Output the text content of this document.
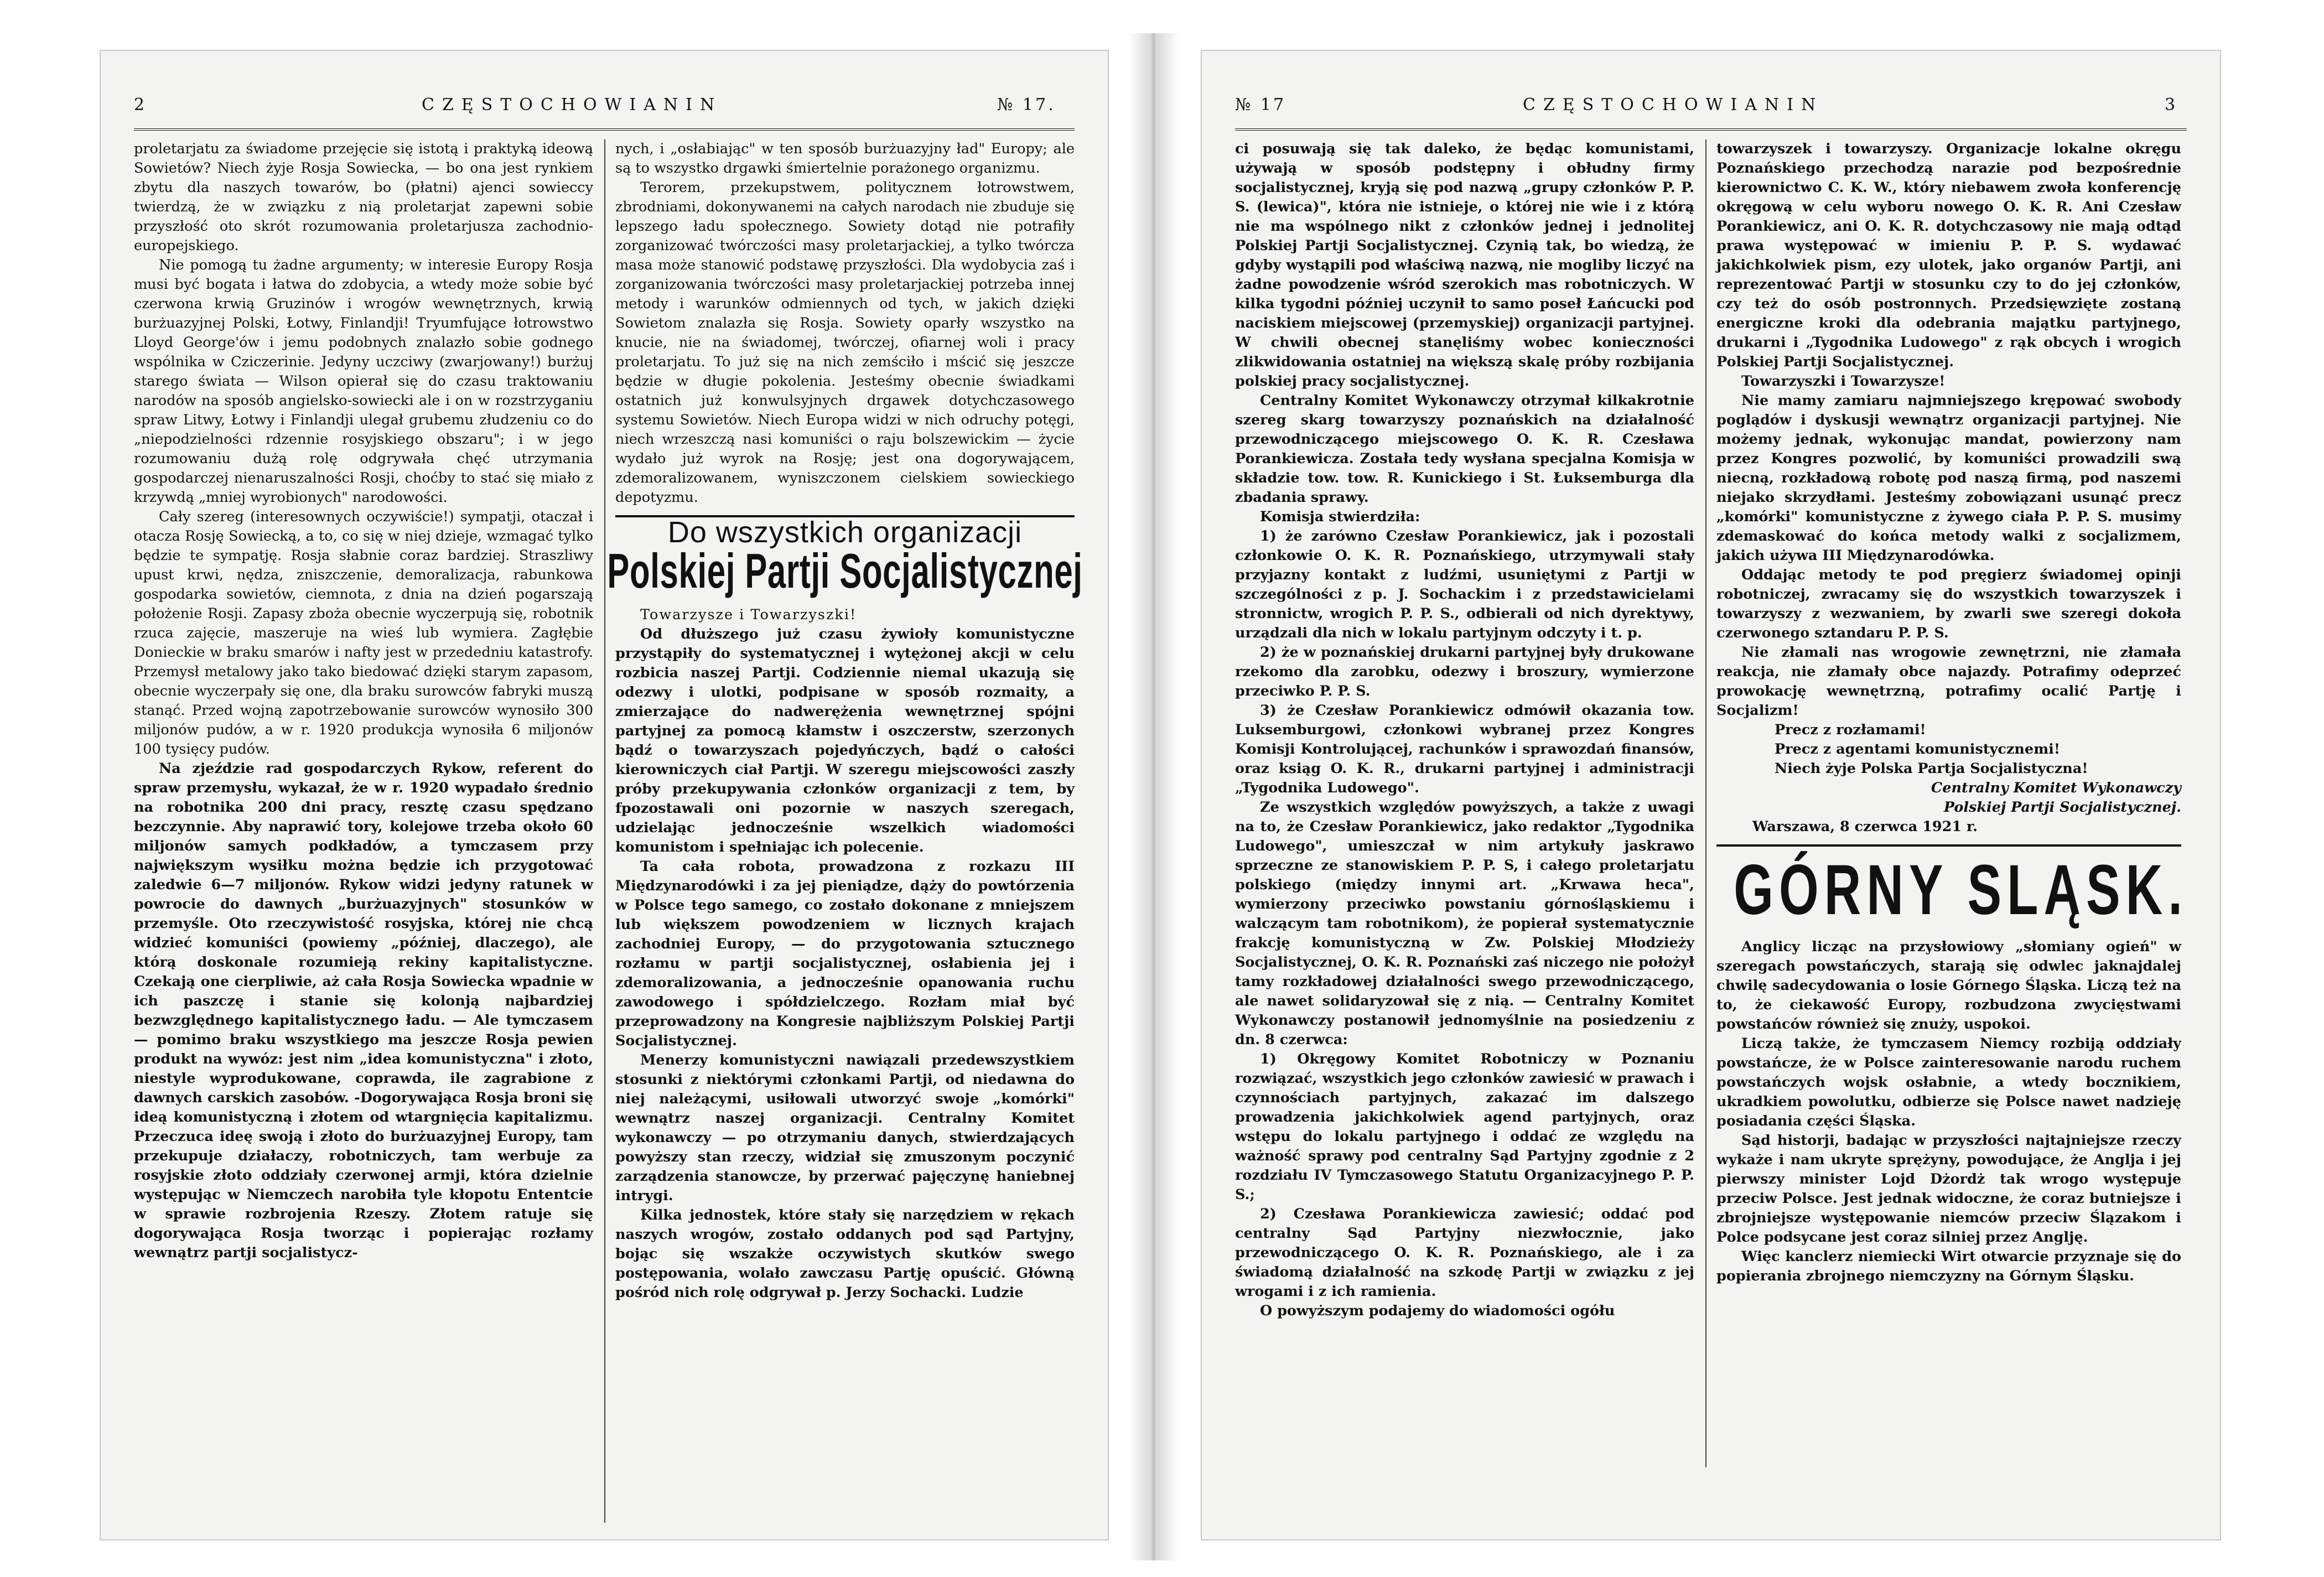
2	CZĘSTOCHOWIANIN	№ 17.

proletarjatu za świadome przejęcie się istotą i praktyką ideową Sowietów? Niech żyje Rosja Sowiecka, — bo ona jest rynkiem zbytu dla naszych towarów, bo (płatni) ajenci sowieccy twierdzą, że w związku z nią proletarjat zapewni sobie przyszłość oto skrót rozumowania proletarjusza zachodnio-europejskiego.

Nie pomogą tu żadne argumenty; w interesie Europy Rosja musi być bogata i łatwa do zdobycia, a wtedy może sobie być czerwona krwią Gruzinów i wrogów wewnętrznych, krwią burżuazyjnej Polski, Łotwy, Finlandji! Tryumfujące łotrowstwo Lloyd George'ów i jemu podobnych znalazło sobie godnego wspólnika w Cziczerinie. Jedyny uczciwy (zwarjowany!) burżuj starego świata — Wilson opierał się do czasu traktowaniu narodów na sposób angielsko-sowiecki ale i on w rozstrzyganiu spraw Litwy, Łotwy i Finlandji ulegał grubemu złudzeniu co do „niepodzielności rdzennie rosyjskiego obszaru"; i w jego rozumowaniu dużą rolę odgrywała chęć utrzymania gospodarczej nienaruszalności Rosji, choćby to stać się miało z krzywdą „mniej wyrobionych" narodowości.

Cały szereg (interesownych oczywiście!) sympatji, otaczał i otacza Rosję Sowiecką, a to, co się w niej dzieje, wzmagać tylko będzie te sympatję. Rosja słabnie coraz bardziej. Straszliwy upust krwi, nędza, zniszczenie, demoralizacja, rabunkowa gospodarka sowietów, ciemnota, z dnia na dzień pogarszają położenie Rosji. Zapasy zboża obecnie wyczerpują się, robotnik rzuca zajęcie, maszeruje na wieś lub wymiera. Zagłębie Donieckie w braku smarów i nafty jest w przededniu katastrofy. Przemysł metalowy jako tako biedować dzięki starym zapasom, obecnie wyczerpały się one, dla braku surowców fabryki muszą stanąć. Przed wojną zapotrzebowanie surowców wynosiło 300 miljonów pudów, a w r. 1920 produkcja wynosiła 6 miljonów 100 tysięcy pudów.

Na zjeździe rad gospodarczych Rykow, referent do spraw przemysłu, wykazał, że w r. 1920 wypadało średnio na robotnika 200 dni pracy, resztę czasu spędzano bezczynnie. Aby naprawić tory, kolejowe trzeba około 60 miljonów samych podkładów, a tymczasem przy największym wysiłku można będzie ich przygotować zaledwie 6—7 miljonów. Rykow widzi jedyny ratunek w powrocie do dawnych „burżuazyjnych" stosunków w przemyśle. Oto rzeczywistość rosyjska, której nie chcą widzieć komuniści (powiemy „później, dlaczego), ale którą doskonale rozumieją rekiny kapitalistyczne. Czekają one cierpliwie, aż cała Rosja Sowiecka wpadnie w ich paszczę i stanie się kolonją najbardziej bezwzględnego kapitalistycznego ładu. — Ale tymczasem — pomimo braku wszystkiego ma jeszcze Rosja pewien produkt na wywóz: jest nim „idea komunistyczna" i złoto, niestyle wyprodukowane, coprawda, ile zagrabione z dawnych carskich zasobów. -Dogorywająca Rosja broni się ideą komunistyczną i złotem od wtargnięcia kapitalizmu. Przeczuca ideę swoją i złoto do burżuazyjnej Europy, tam przekupuje działaczy, robotniczych, tam werbuje za rosyjskie złoto oddziały czerwonej armji, która dzielnie występując w Niemczech narobiła tyle kłopotu Ententcie w sprawie rozbrojenia Rzeszy. Złotem ratuje się dogorywająca Rosja tworząc i popierając rozłamy wewnątrz partji socjalistycz-

nych, i „osłabiając" w ten sposób burżuazyjny ład" Europy; ale są to wszystko drgawki śmiertelnie porażonego organizmu.

Terorem, przekupstwem, politycznem łotrowstwem, zbrodniami, dokonywanemi na całych narodach nie zbuduje się lepszego ładu społecznego. Sowiety dotąd nie potrafiły zorganizować twórczości masy proletarjackiej, a tylko twórcza masa może stanowić podstawę przyszłości. Dla wydobycia zaś i zorganizowania twórczości masy proletarjackiej potrzeba innej metody i warunków odmiennych od tych, w jakich dzięki Sowietom znalazła się Rosja. Sowiety oparły wszystko na knucie, nie na świadomej, twórczej, ofiarnej woli i pracy proletarjatu. To już się na nich zemściło i mścić się jeszcze będzie w długie pokolenia. Jesteśmy obecnie świadkami ostatnich już konwulsyjnych drgawek dotychczasowego systemu Sowietów. Niech Europa widzi w nich odruchy potęgi, niech wrzeszczą nasi komuniści o raju bolszewickim — życie wydało już wyrok na Rosję; jest ona dogorywającem, zdemoralizowanem, wyniszczonem cielskiem sowieckiego depotyzmu.

Do wszystkich organizacji
Polskiej Partji Socjalistycznej

Towarzysze i Towarzyszki!

Od dłuższego już czasu żywioły komunistyczne przystąpiły do systematycznej i wytężonej akcji w celu rozbicia naszej Partji. Codziennie niemal ukazują się odezwy i ulotki, podpisane w sposób rozmaity, a zmierzające do nadwerężenia wewnętrznej spójni partyjnej za pomocą kłamstw i oszczerstw, szerzonych bądź o towarzyszach pojedyńczych, bądź o całości kierowniczych ciał Partji. W szeregu miejscowości zaszły próby przekupywania członków organizacji z tem, by fpozostawali oni pozornie w naszych szeregach, udzielając jednocześnie wszelkich wiadomości komunistom i spełniając ich polecenie.

Ta cała robota, prowadzona z rozkazu III Międzynarodówki i za jej pieniądze, dąży do powtórzenia w Polsce tego samego, co zostało dokonane z mniejszem lub większem powodzeniem w licznych krajach zachodniej Europy, — do przygotowania sztucznego rozłamu w partji socjalistycznej, osłabienia jej i zdemoralizowania, a jednocześnie opanowania ruchu zawodowego i spółdzielczego. Rozłam miał być przeprowadzony na Kongresie najbliższym Polskiej Partji Socjalistycznej.

Menerzy komunistyczni nawiązali przedewszystkiem stosunki z niektórymi członkami Partji, od niedawna do niej należącymi, usiłowali utworzyć swoje „komórki" wewnątrz naszej organizacji. Centralny Komitet wykonawczy — po otrzymaniu danych, stwierdzających powyższy stan rzeczy, widział się zmuszonym poczynić zarządzenia stanowcze, by przerwać pajęczynę haniebnej intrygi.

Kilka jednostek, które stały się narzędziem w rękach naszych wrogów, zostało oddanych pod sąd Partyjny, bojąc się wszakże oczywistych skutków swego postępowania, wolało zawczasu Partję opuścić. Główną pośród nich rolę odgrywał p. Jerzy Sochacki. Ludzie

№ 17	CZĘSTOCHOWIANIN	3

ci posuwają się tak daleko, że będąc komunistami, używają w sposób podstępny i obłudny firmy socjalistycznej, kryją się pod nazwą „grupy członków P. P. S. (lewica)", która nie istnieje, o której nie wie i z którą nie ma wspólnego nikt z członków jednej i jednolitej Polskiej Partji Socjalistycznej. Czynią tak, bo wiedzą, że gdyby wystąpili pod właściwą nazwą, nie mogliby liczyć na żadne powodzenie wśród szerokich mas robotniczych. W kilka tygodni później uczynił to samo poseł Łańcucki pod naciskiem miejscowej (przemyskiej) organizacji partyjnej. W chwili obecnej stanęliśmy wobec konieczności zlikwidowania ostatniej na większą skalę próby rozbijania polskiej pracy socjalistycznej.

Centralny Komitet Wykonawczy otrzymał kilkakrotnie szereg skarg towarzyszy poznańskich na działalność przewodniczącego miejscowego O. K. R. Czesława Porankiewicza. Została tedy wysłana specjalna Komisja w składzie tow. tow. R. Kunickiego i St. Łuksemburga dla zbadania sprawy.

Komisja stwierdziła:

1) że zarówno Czesław Porankiewicz, jak i pozostali członkowie O. K. R. Poznańskiego, utrzymywali stały przyjazny kontakt z ludźmi, usuniętymi z Partji w szczególności z p. J. Sochackim i z przedstawicielami stronnictw, wrogich P. P. S., odbierali od nich dyrektywy, urządzali dla nich w lokalu partyjnym odczyty i t. p.

2) że w poznańskiej drukarni partyjnej były drukowane rzekomo dla zarobku, odezwy i broszury, wymierzone przeciwko P. P. S.

3) że Czesław Porankiewicz odmówił okazania tow. Luksemburgowi, członkowi wybranej przez Kongres Komisji Kontrolującej, rachunków i sprawozdań finansów, oraz ksiąg O. K. R., drukarni partyjnej i administracji „Tygodnika Ludowego".

Ze wszystkich względów powyższych, a także z uwagi na to, że Czesław Porankiewicz, jako redaktor „Tygodnika Ludowego", umieszczał w nim artykuły jaskrawo sprzeczne ze stanowiskiem P. P. S, i całego proletarjatu polskiego (między innymi art. „Krwawa heca", wymierzony przeciwko powstaniu górnośląskiemu i walczącym tam robotnikom), że popierał systematycznie frakcję komunistyczną w Zw. Polskiej Młodzieży Socjalistycznej, O. K. R. Poznański zaś niczego nie położył tamy rozkładowej działalności swego przewodniczącego, ale nawet solidaryzował się z nią. — Centralny Komitet Wykonawczy postanowił jednomyślnie na posiedzeniu z dn. 8 czerwca:

1) Okręgowy Komitet Robotniczy w Poznaniu rozwiązać, wszystkich jego członków zawiesić w prawach i czynnościach partyjnych, zakazać im dalszego prowadzenia jakichkolwiek agend partyjnych, oraz wstępu do lokalu partyjnego i oddać ze względu na ważność sprawy pod centralny Sąd Partyjny zgodnie z 2 rozdziału IV Tymczasowego Statutu Organizacyjnego P. P. S.;

2) Czesława Porankiewicza zawiesić; oddać pod centralny Sąd Partyjny niezwłocznie, jako przewodniczącego O. K. R. Poznańskiego, ale i za świadomą działalność na szkodę Partji w związku z jej wrogami i z ich ramienia.

O powyższym podajemy do wiadomości ogółu

towarzyszek i towarzyszy. Organizacje lokalne okręgu Poznańskiego przechodzą narazie pod bezpośrednie kierownictwo C. K. W., który niebawem zwoła konferencję okręgową w celu wyboru nowego O. K. R. Ani Czesław Porankiewicz, ani O. K. R. dotychczasowy nie mają odtąd prawa występować w imieniu P. P. S. wydawać jakichkolwiek pism, ezy ulotek, jako organów Partji, ani reprezentować Partji w stosunku czy to do jej członków, czy też do osób postronnych. Przedsięwzięte zostaną energiczne kroki dla odebrania majątku partyjnego, drukarni i „Tygodnika Ludowego" z rąk obcych i wrogich Polskiej Partji Socjalistycznej.

Towarzyszki i Towarzysze!

Nie mamy zamiaru najmniejszego krępować swobody poglądów i dyskusji wewnątrz organizacji partyjnej. Nie możemy jednak, wykonując mandat, powierzony nam przez Kongres pozwolić, by komuniści prowadzili swą niecną, rozkładową robotę pod naszą firmą, pod naszemi niejako skrzydłami. Jesteśmy zobowiązani usunąć precz „komórki" komunistyczne z żywego ciała P. P. S. musimy zdemaskować do końca metody walki z socjalizmem, jakich używa III Międzynarodówka.

Oddając metody te pod pręgierz świadomej opinji robotniczej, zwracamy się do wszystkich towarzyszek i towarzyszy z wezwaniem, by zwarli swe szeregi dokoła czerwonego sztandaru P. P. S.

Nie złamali nas wrogowie zewnętrzni, nie złamała reakcja, nie złamały obce najazdy. Potrafimy odeprzeć prowokację wewnętrzną, potrafimy ocalić Partję i Socjalizm!

Precz z rozłamami!

Precz z agentami komunistycznemi!

Niech żyje Polska Partja Socjalistyczna!

Centralny Komitet Wykonawczy

Polskiej Partji Socjalistycznej.

Warszawa, 8 czerwca 1921 r.

GÓRNY SLĄSK.

Anglicy licząc na przysłowiowy „słomiany ogień" w szeregach powstańczych, starają się odwlec jaknajdalej chwilę sadecydowania o losie Górnego Śląska. Liczą też na to, że ciekawość Europy, rozbudzona zwycięstwami powstańców również się znuży, uspokoi.

Liczą także, że tymczasem Niemcy rozbiją oddziały powstańcze, że w Polsce zainteresowanie narodu ruchem powstańczych wojsk osłabnie, a wtedy bocznikiem, ukradkiem powolutku, odbierze się Polsce nawet nadzieję posiadania części Śląska.

Sąd historji, badając w przyszłości najtajniejsze rzeczy wykaże i nam ukryte sprężyny, powodujące, że Anglja i jej pierwszy minister Lojd Dżordż tak wrogo występuje przeciw Polsce. Jest jednak widoczne, że coraz butniejsze i zbrojniejsze występowanie niemców przeciw Ślązakom i Polce podsycane jest coraz silniej przez Anglję.

Więc kanclerz niemiecki Wirt otwarcie przyznaje się do popierania zbrojnego niemczyzny na Górnym Śląsku.
